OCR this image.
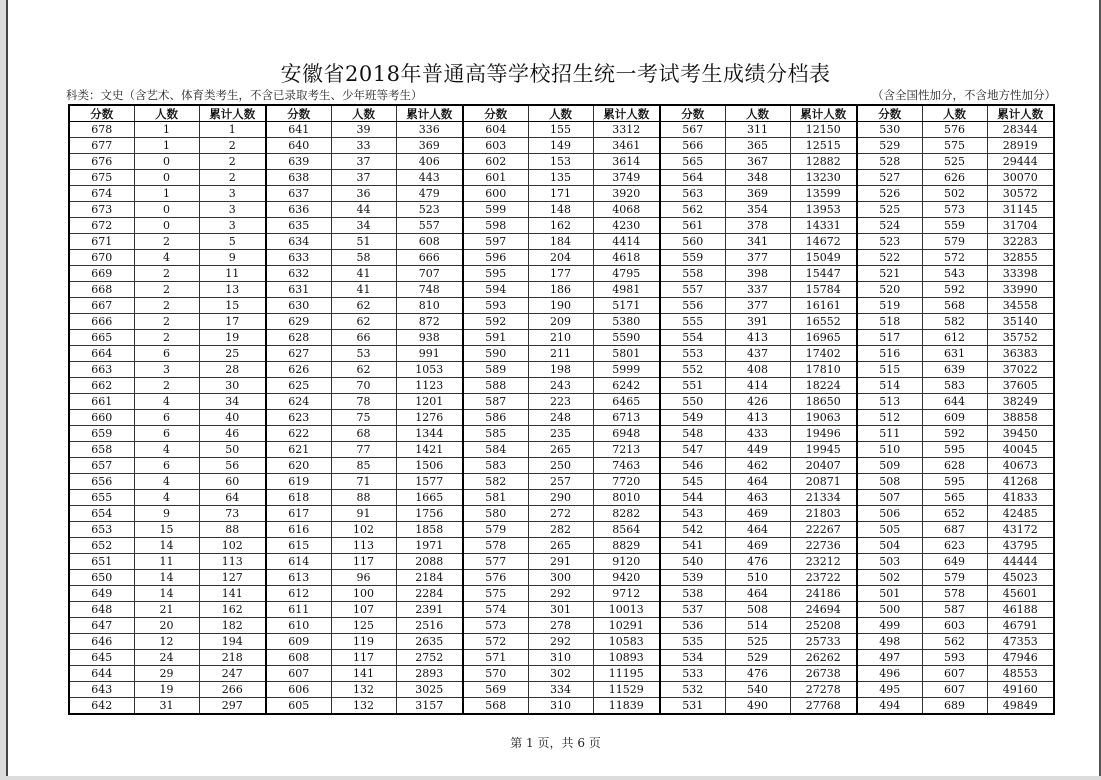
安徽省2018年普通高等学校招生统一考试考生成绩分档表
科类：文史（含艺术、体育类考生，不含已录取考生、少年班等考生）	（含全国性加分，不含地方性加分）
分数	人数	累计人数	分数	人数	累计人数	分数	人数	累计人数	分数	人数	累计人数	分数	人数	累计人数
678	1	1	641	39	336	604	155	3312	567	311	12150	530	576	28344
677	1	2	640	33	369	603	149	3461	566	365	12515	529	575	28919
676	0	2	639	37	406	602	153	3614	565	367	12882	528	525	29444
675	0	2	638	37	443	601	135	3749	564	348	13230	527	626	30070
674	1	3	637	36	479	600	171	3920	563	369	13599	526	502	30572
673	0	3	636	44	523	599	148	4068	562	354	13953	525	573	31145
672	0	3	635	34	557	598	162	4230	561	378	14331	524	559	31704
671	2	5	634	51	608	597	184	4414	560	341	14672	523	579	32283
670	4	9	633	58	666	596	204	4618	559	377	15049	522	572	32855
669	2	11	632	41	707	595	177	4795	558	398	15447	521	543	33398
668	2	13	631	41	748	594	186	4981	557	337	15784	520	592	33990
667	2	15	630	62	810	593	190	5171	556	377	16161	519	568	34558
666	2	17	629	62	872	592	209	5380	555	391	16552	518	582	35140
665	2	19	628	66	938	591	210	5590	554	413	16965	517	612	35752
664	6	25	627	53	991	590	211	5801	553	437	17402	516	631	36383
663	3	28	626	62	1053	589	198	5999	552	408	17810	515	639	37022
662	2	30	625	70	1123	588	243	6242	551	414	18224	514	583	37605
661	4	34	624	78	1201	587	223	6465	550	426	18650	513	644	38249
660	6	40	623	75	1276	586	248	6713	549	413	19063	512	609	38858
659	6	46	622	68	1344	585	235	6948	548	433	19496	511	592	39450
658	4	50	621	77	1421	584	265	7213	547	449	19945	510	595	40045
657	6	56	620	85	1506	583	250	7463	546	462	20407	509	628	40673
656	4	60	619	71	1577	582	257	7720	545	464	20871	508	595	41268
655	4	64	618	88	1665	581	290	8010	544	463	21334	507	565	41833
654	9	73	617	91	1756	580	272	8282	543	469	21803	506	652	42485
653	15	88	616	102	1858	579	282	8564	542	464	22267	505	687	43172
652	14	102	615	113	1971	578	265	8829	541	469	22736	504	623	43795
651	11	113	614	117	2088	577	291	9120	540	476	23212	503	649	44444
650	14	127	613	96	2184	576	300	9420	539	510	23722	502	579	45023
649	14	141	612	100	2284	575	292	9712	538	464	24186	501	578	45601
648	21	162	611	107	2391	574	301	10013	537	508	24694	500	587	46188
647	20	182	610	125	2516	573	278	10291	536	514	25208	499	603	46791
646	12	194	609	119	2635	572	292	10583	535	525	25733	498	562	47353
645	24	218	608	117	2752	571	310	10893	534	529	26262	497	593	47946
644	29	247	607	141	2893	570	302	11195	533	476	26738	496	607	48553
643	19	266	606	132	3025	569	334	11529	532	540	27278	495	607	49160
642	31	297	605	132	3157	568	310	11839	531	490	27768	494	689	49849
第 1 页，共 6 页
